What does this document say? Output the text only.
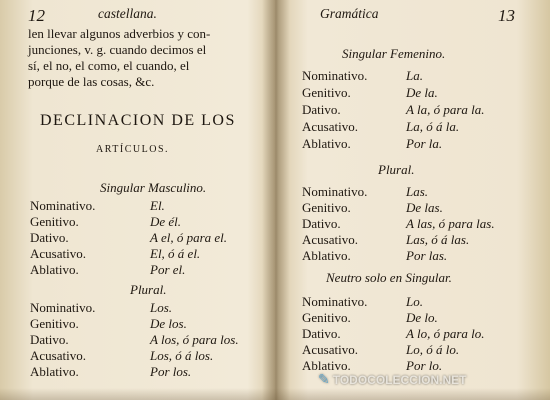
12	castellana.
len llevar algunos adverbios y con-
junciones, v. g. cuando decimos el
sí, el no, el como, el cuando, el
porque de las cosas, &c.
DECLINACION DE LOS
ARTÍCULOS.
Singular Masculino.
Nominativo.	El.
Genitivo.	De él.
Dativo.	A el, ó para el.
Acusativo.	El, ó á el.
Ablativo.	Por el.
Plural.
Nominativo.	Los.
Genitivo.	De los.
Dativo.	A los, ó para los.
Acusativo.	Los, ó á los.
Ablativo.	Por los.
Gramática	13
Singular Femenino.
Nominativo.	La.
Genitivo.	De la.
Dativo.	A la, ó para la.
Acusativo.	La, ó á la.
Ablativo.	Por la.
Plural.
Nominativo.	Las.
Genitivo.	De las.
Dativo.	A las, ó para las.
Acusativo.	Las, ó á las.
Ablativo.	Por las.
Neutro solo en Singular.
Nominativo.	Lo.
Genitivo.	De lo.
Dativo.	A lo, ó para lo.
Acusativo.	Lo, ó á lo.
Ablativo.	Por lo.
✎ TODOCOLECCION.NET
